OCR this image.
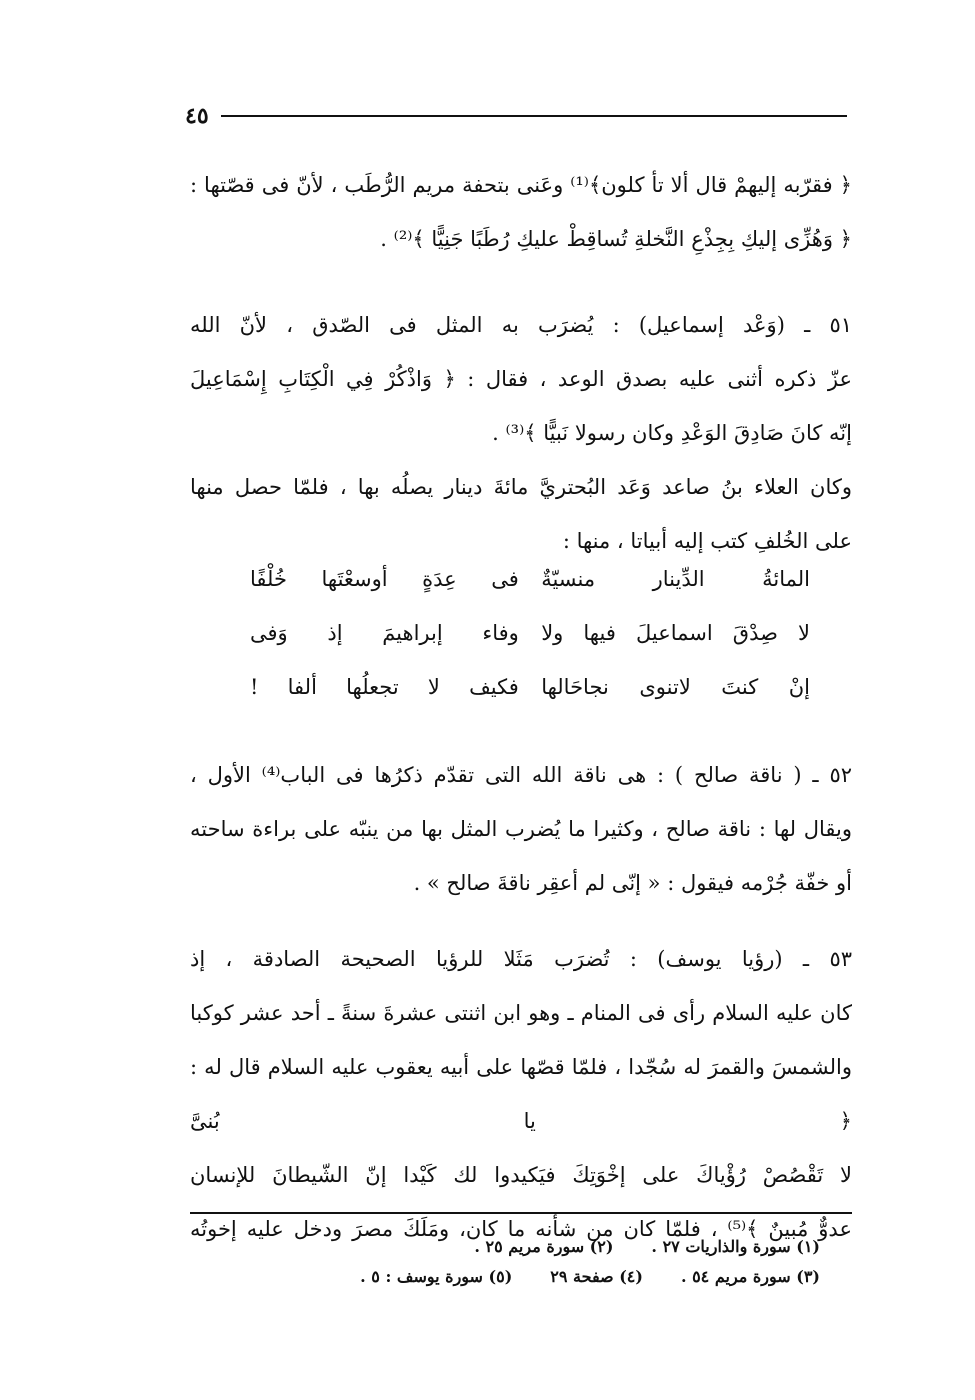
٤٥

﴿ فقرّبه إليهمْ قال ألا تأ كلون﴾⁽¹⁾ وعَنى بتحفة مريم الرُّطَب ، لأنّ فى قصّتها :

﴿ وَهُزِّى إليكِ بِجِذْعِ النَّخلةِ تُساقِطْ عليكِ رُطَبًا جَنِيًّا ﴾⁽²⁾ .

٥١ ـ (وَعْد إسماعيل) : يُضرَب به المثل فى الصّدق ، لأنّ الله

عزّ ذكره أثنى عليه بصدق الوعد ، فقال : ﴿ وَاذْكُرْ فِي الْكِتَابِ إِسْمَاعِيلَ

إنّه كانَ صَادِقَ الوَعْدِ وكان رسولا نَبيًّا ﴾⁽³⁾ .

وكان العلاء بنُ صاعد وَعَد البُحتريَّ مائةَ دينار يصلُه بها ، فلمّا حصل منها

على الخُلفِ كتب إليه أبياتا ، منها :

المائةُ الدِّينار منسيّةٌ
فى عِدَةٍ أوسعْتَها خُلْفًا
لا صِدْقَ اسماعيلَ فيها ولا
وفاء إبراهيمَ إذ وَفى
إنْ كنتَ لاتنوى نجاحَالها
فكيف لا تجعلُها ألفا !

٥٢ ـ ( ناقة صالح ) : هى ناقة الله التى تقدّم ذكرُها فى الباب⁽⁴⁾ الأول ،

ويقال لها : ناقة صالح ، وكثيرا ما يُضرب المثل بها من ينبّه على براءة ساحته

أو خفّة جُرْمه فيقول : « إنّى لم أعقِر ناقةَ صالح » .

٥٣ ـ (رؤيا يوسف) : تُضرَب مَثَلا للرؤيا الصحيحة الصادقة ، إذ

كان عليه السلام رأى فى المنام ـ وهو ابن اثنتى عشرةَ سنةً ـ أحد عشر كوكبا

والشمسَ والقمرَ له سُجّدا ، فلمّا قصّها على أبيه يعقوب عليه السلام قال له : ﴿ يا بُنىَّ

لا تَقْصُصْ رُؤْياكَ على إخْوَتِكَ فيَكيدوا لك كَيْدا إنّ الشّيطانَ للإنسان

عدوٌّ مُبينٌ ﴾⁽⁵⁾ ، فلمّا كان من شأنه ما كان، ومَلَكَ مصرَ ودخل عليه إخوتُه

(١) سورة والذاريات ٢٧ .
(٢) سورة مريم ٢٥ .
(٣) سورة مريم ٥٤ .
(٤) صفحة ٢٩
(٥) سورة يوسف : ٥ .
